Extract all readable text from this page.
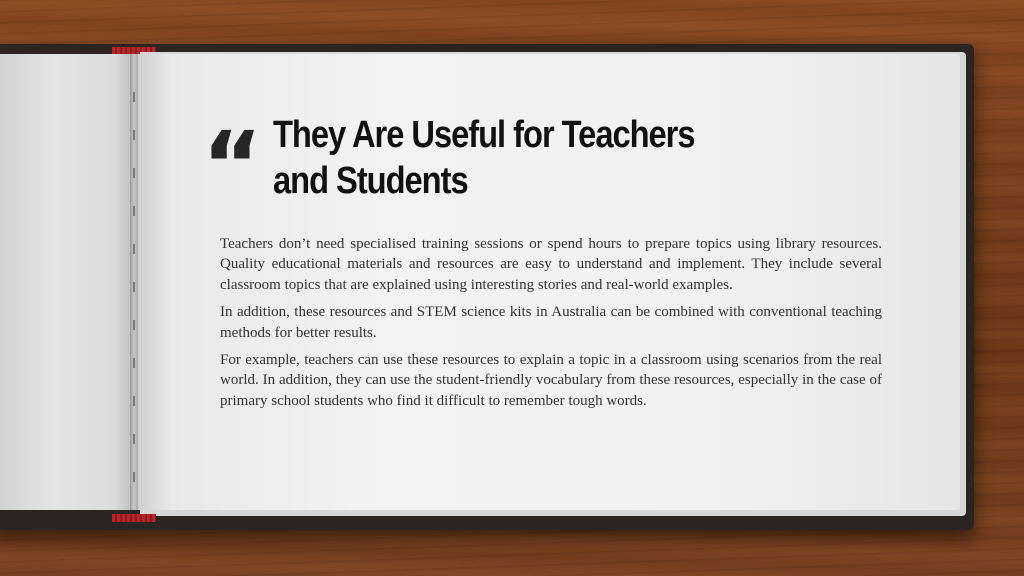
“ They Are Useful for Teachers
and Students

Teachers don’t need specialised training sessions or spend hours to prepare topics using library resources. Quality educational materials and resources are easy to understand and implement. They include several classroom topics that are explained using interesting stories and real-world examples.

In addition, these resources and STEM science kits in Australia can be combined with conventional teaching methods for better results.

For example, teachers can use these resources to explain a topic in a classroom using scenarios from the real world. In addition, they can use the student-friendly vocabulary from these resources, especially in the case of primary school students who find it difficult to remember tough words.
